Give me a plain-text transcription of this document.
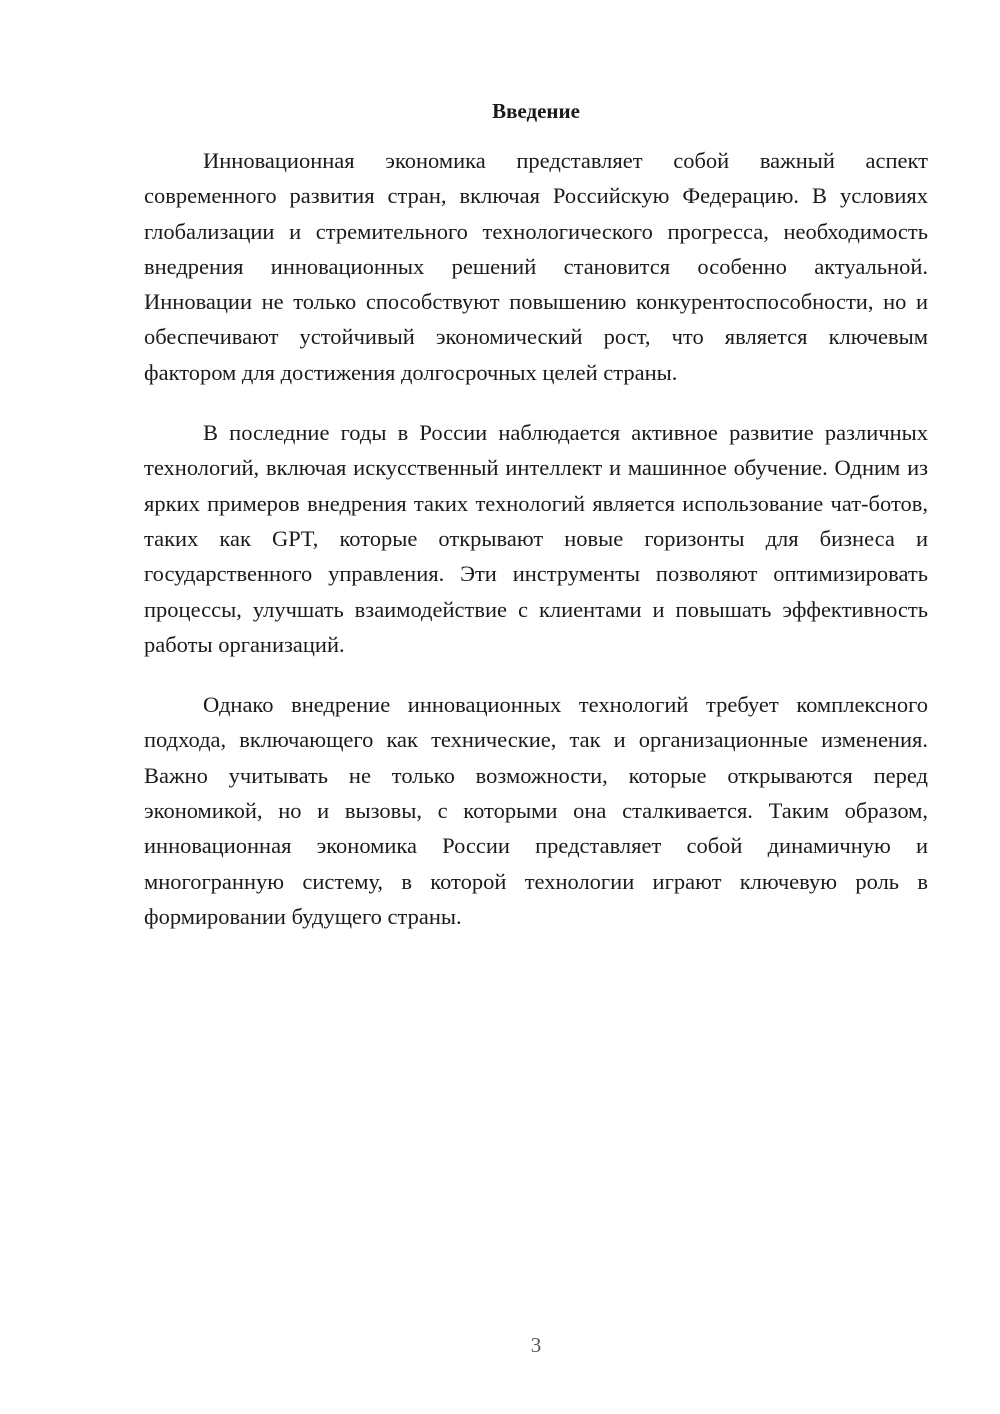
Введение

Инновационная экономика представляет собой важный аспект современного развития стран, включая Российскую Федерацию. В условиях глобализации и стремительного технологического прогресса, необходимость внедрения инновационных решений становится особенно актуальной. Инновации не только способствуют повышению конкурентоспособности, но и обеспечивают устойчивый экономический рост, что является ключевым фактором для достижения долгосрочных целей страны.

В последние годы в России наблюдается активное развитие различных технологий, включая искусственный интеллект и машинное обучение. Одним из ярких примеров внедрения таких технологий является использование чат-ботов, таких как GPT, которые открывают новые горизонты для бизнеса и государственного управления. Эти инструменты позволяют оптимизировать процессы, улучшать взаимодействие с клиентами и повышать эффективность работы организаций.

Однако внедрение инновационных технологий требует комплексного подхода, включающего как технические, так и организационные изменения. Важно учитывать не только возможности, которые открываются перед экономикой, но и вызовы, с которыми она сталкивается. Таким образом, инновационная экономика России представляет собой динамичную и многогранную систему, в которой технологии играют ключевую роль в формировании будущего страны.

3
